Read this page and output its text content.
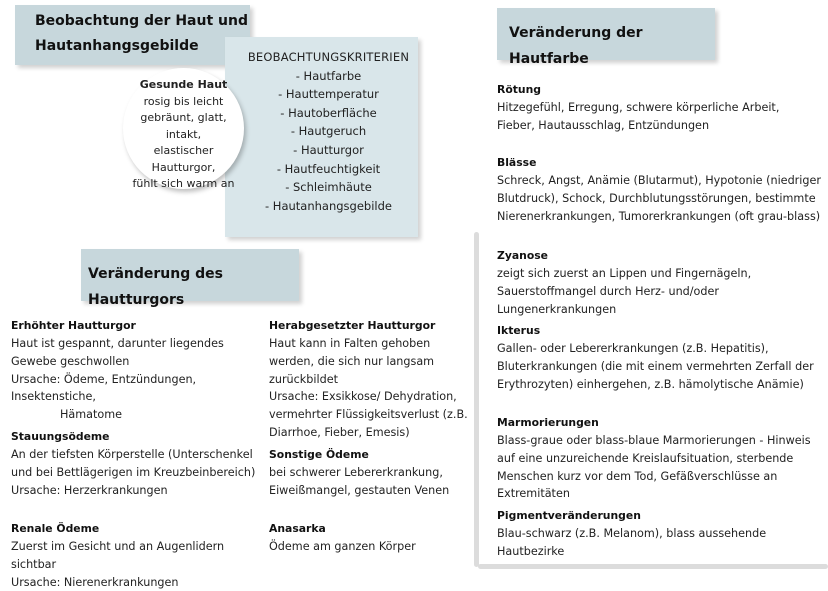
Beobachtung der Haut und
Hautanhangsgebilde
BEOBACHTUNGSKRITERIEN
- Hautfarbe
- Hauttemperatur
- Hautoberfläche
- Hautgeruch
- Hautturgor
- Hautfeuchtigkeit
- Schleimhäute
- Hautanhangsgebilde
Gesunde Haut
rosig bis leicht
gebräunt, glatt, intakt,
elastischer Hautturgor,
fühlt sich warm an
Veränderung der Hautfarbe
Rötung

Hitzegefühl, Erregung, schwere körperliche Arbeit, Fieber, Hautausschlag, Entzündungen

Blässe

Schreck, Angst, Anämie (Blutarmut), Hypotonie (niedriger Blutdruck), Schock, Durchblutungsstörungen, bestimmte Nierenerkrankungen, Tumorerkrankungen (oft grau-blass)

Zyanose

zeigt sich zuerst an Lippen und Fingernägeln, Sauerstoffmangel durch Herz- und/oder Lungenerkrankungen

Ikterus

Gallen- oder Lebererkrankungen (z.B. Hepatitis), Bluterkrankungen (die mit einem vermehrten Zerfall der Erythrozyten) einhergehen, z.B. hämolytische Anämie)

Marmorierungen

Blass-graue oder blass-blaue Marmorierungen - Hinweis auf eine unzureichende Kreislaufsituation, sterbende Menschen kurz vor dem Tod, Gefäßverschlüsse an Extremitäten

Pigmentveränderungen

Blau-schwarz (z.B. Melanom), blass aussehende Hautbezirke

Veränderung des Hautturgors
Erhöhter Hautturgor

Haut ist gespannt, darunter liegendes Gewebe geschwollen

Ursache: Ödeme, Entzündungen, Insektenstiche,

Hämatome

Herabgesetzter Hautturgor

Haut kann in Falten gehoben werden, die sich nur langsam zurückbildet

Ursache: Exsikkose/ Dehydration, vermehrter Flüssigkeitsverlust (z.B. Diarrhoe, Fieber, Emesis)

Stauungsödeme

An der tiefsten Körperstelle (Unterschenkel und bei Bettlägerigen im Kreuzbeinbereich)

Ursache: Herzerkrankungen

Sonstige Ödeme

bei schwerer Lebererkrankung, Eiweißmangel, gestauten Venen

Renale Ödeme

Zuerst im Gesicht und an Augenlidern sichtbar

Ursache: Nierenerkrankungen

Anasarka

Ödeme am ganzen Körper
